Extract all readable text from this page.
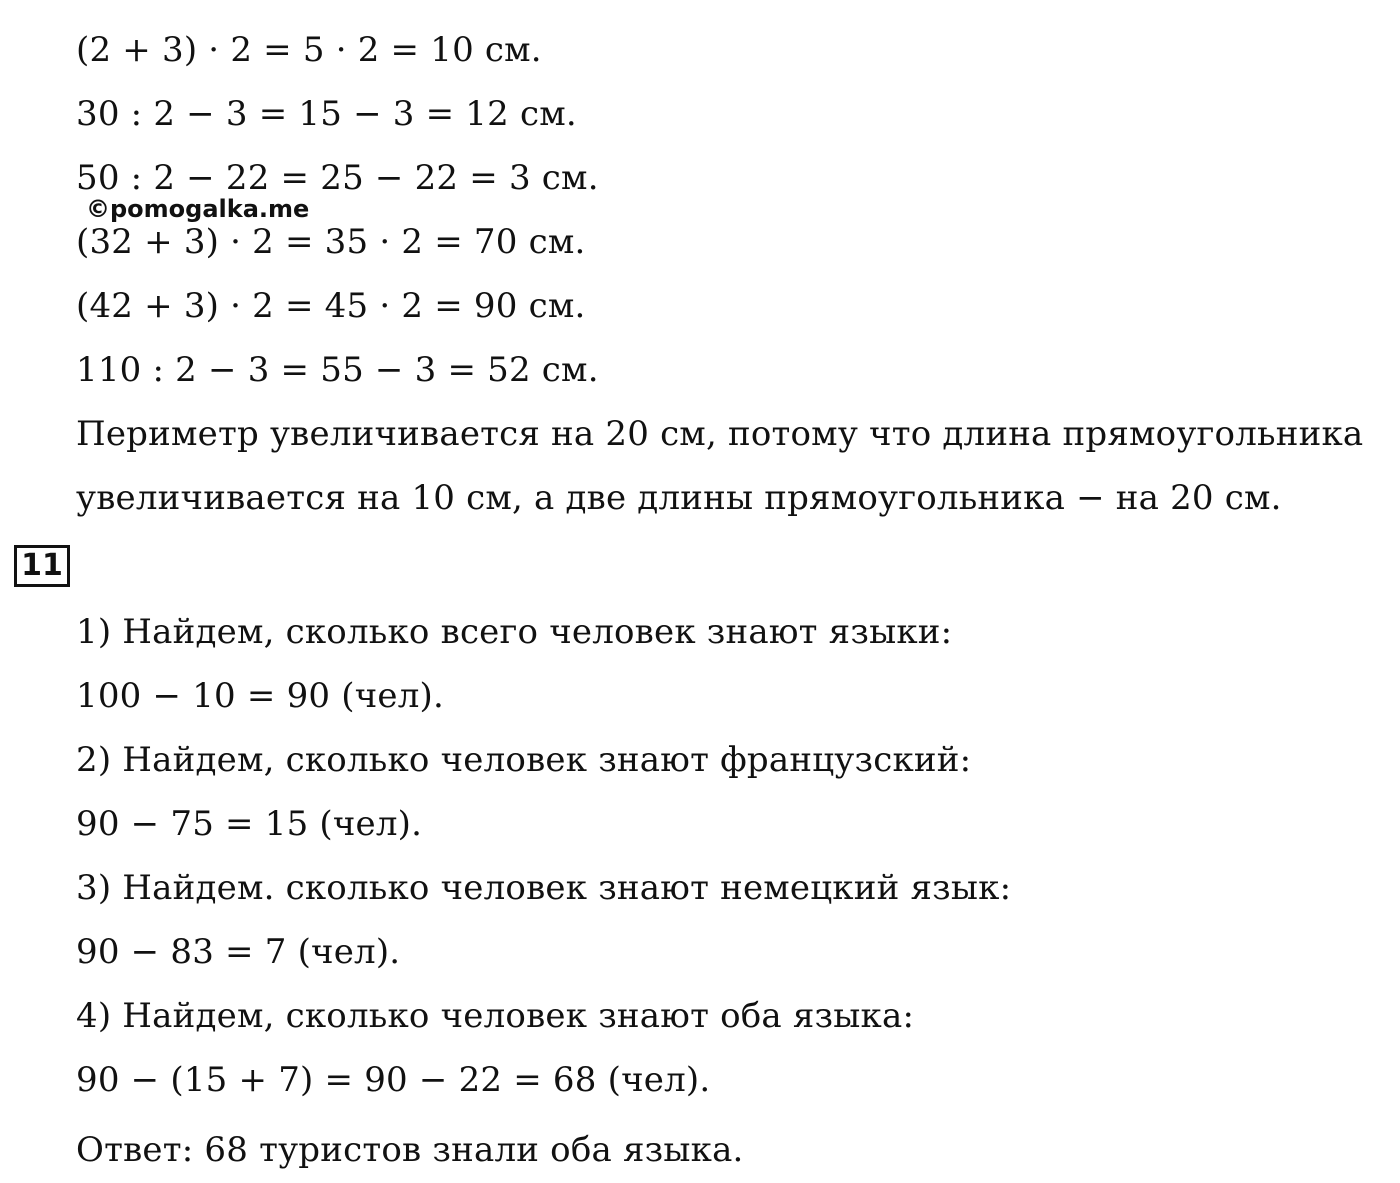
(2 + 3) · 2 = 5 · 2 = 10 см.
30 : 2 − 3 = 15 − 3 = 12 см.
50 : 2 − 22 = 25 − 22 = 3 см.
©pomogalka.me
(32 + 3) · 2 = 35 · 2 = 70 см.
(42 + 3) · 2 = 45 · 2 = 90 см.
110 : 2 − 3 = 55 − 3 = 52 см.
Периметр увеличивается на 20 см, потому что длина прямоугольника
увеличивается на 10 см, а две длины прямоугольника − на 20 см.
11
1) Найдем, сколько всего человек знают языки:
100 − 10 = 90 (чел).
2) Найдем, сколько человек знают французский:
90 − 75 = 15 (чел).
3) Найдем. сколько человек знают немецкий язык:
90 − 83 = 7 (чел).
4) Найдем, сколько человек знают оба языка:
90 − (15 + 7) = 90 − 22 = 68 (чел).
Ответ: 68 туристов знали оба языка.
